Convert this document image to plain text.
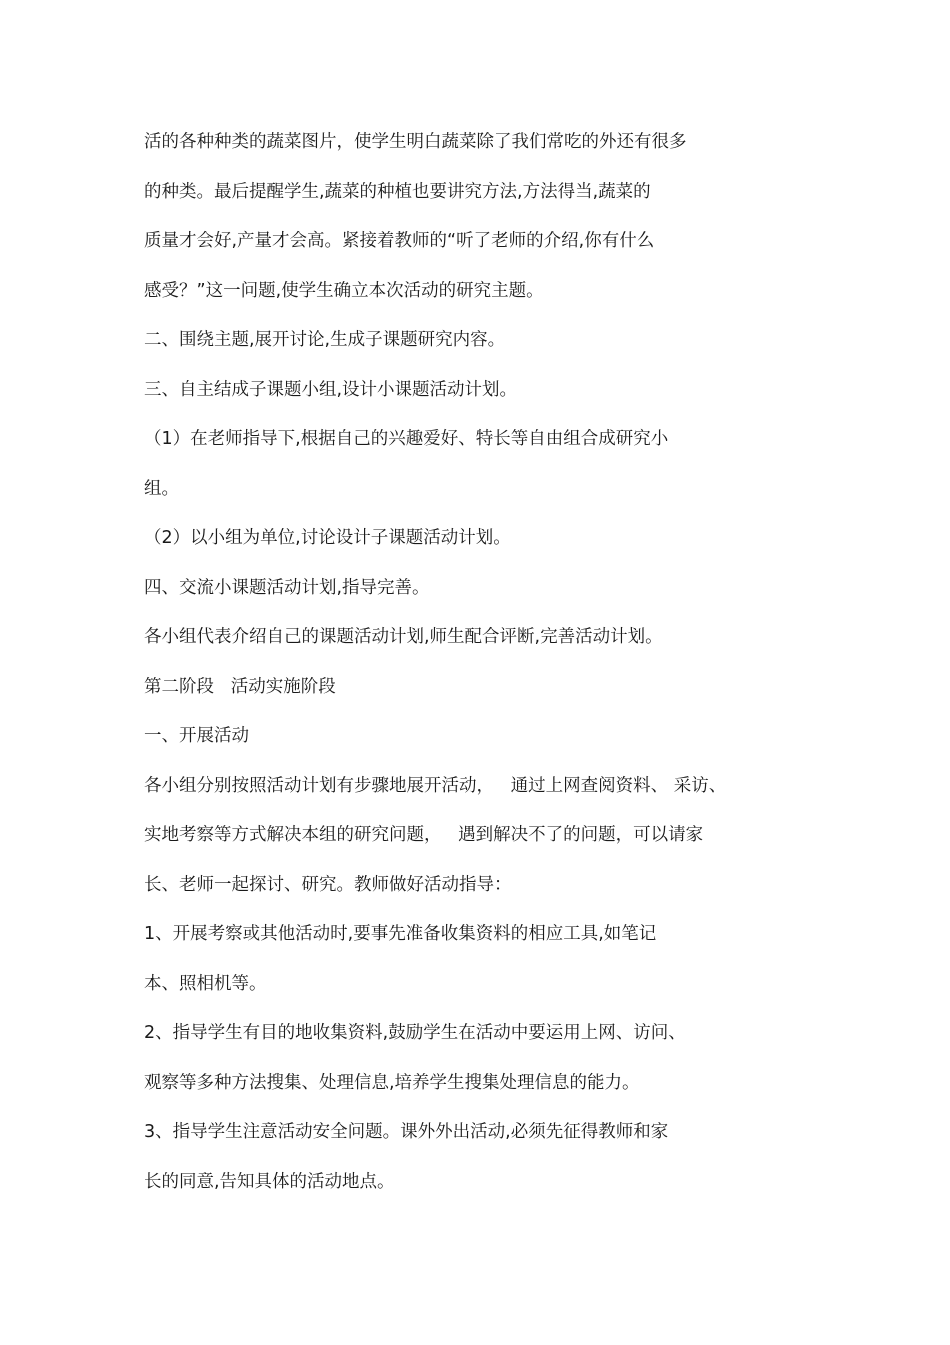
活的各种种类的蔬菜图片，使学生明白蔬菜除了我们常吃的外还有很多
的种类。最后提醒学生,蔬菜的种植也要讲究方法,方法得当,蔬菜的
质量才会好,产量才会高。紧接着教师的“听了老师的介绍,你有什么
感受？”这一问题,使学生确立本次活动的研究主题。
二、围绕主题,展开讨论,生成子课题研究内容。
三、自主结成子课题小组,设计小课题活动计划。
（1）在老师指导下,根据自己的兴趣爱好、特长等自由组合成研究小
组。
（2）以小组为单位,讨论设计子课题活动计划。
四、交流小课题活动计划,指导完善。
各小组代表介绍自己的课题活动计划,师生配合评断,完善活动计划。
第二阶段   活动实施阶段
一、开展活动
各小组分别按照活动计划有步骤地展开活动，   通过上网查阅资料、 采访、
实地考察等方式解决本组的研究问题，   遇到解决不了的问题，可以请家
长、老师一起探讨、研究。教师做好活动指导：
1、开展考察或其他活动时,要事先准备收集资料的相应工具,如笔记
本、照相机等。
2、指导学生有目的地收集资料,鼓励学生在活动中要运用上网、访问、
观察等多种方法搜集、处理信息,培养学生搜集处理信息的能力。
3、指导学生注意活动安全问题。课外外出活动,必须先征得教师和家
长的同意,告知具体的活动地点。
